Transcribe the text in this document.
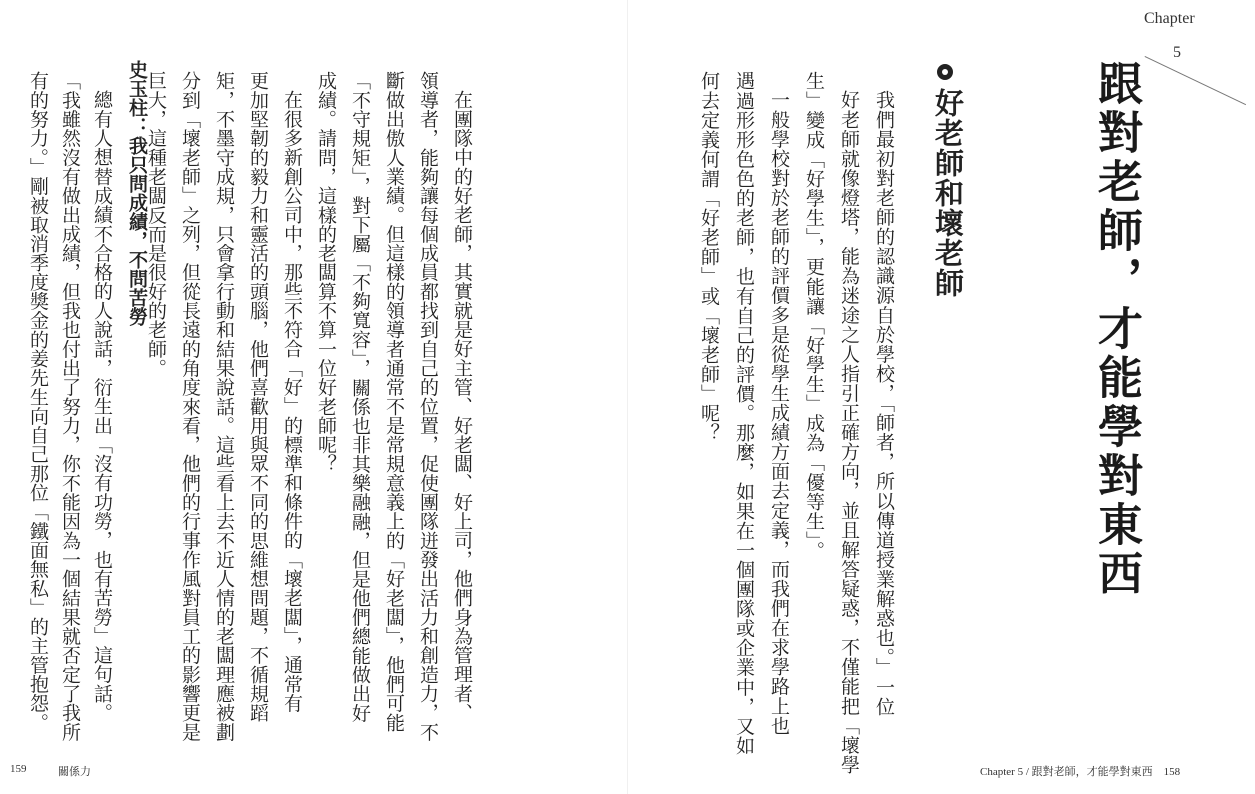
Chapter
5
跟對老師，才能學對東西
好老師和壞老師
我們最初對老師的認識源自於學校，「師者，所以傳道授業解惑也。」一位
好老師就像燈塔，能為迷途之人指引正確方向，並且解答疑惑，不僅能把「壞學
生」變成「好學生」，更能讓「好學生」成為「優等生」。
一般學校對於老師的評價多是從學生成績方面去定義，而我們在求學路上也
遇過形形色色的老師，也有自己的評價。那麼，如果在一個團隊或企業中，又如
何去定義何謂「好老師」或「壞老師」呢？
Chapter 5 / 跟對老師，才能學對東西　158
在團隊中的好老師，其實就是好主管、好老闆、好上司，他們身為管理者、
領導者，能夠讓每個成員都找到自己的位置，促使團隊迸發出活力和創造力，不
斷做出傲人業績。但這樣的領導者通常不是常規意義上的「好老闆」，他們可能
「不守規矩」，對下屬「不夠寬容」，關係也非其樂融融，但是他們總能做出好
成績。請問，這樣的老闆算不算一位好老師呢？
在很多新創公司中，那些不符合「好」的標準和條件的「壞老闆」，通常有
更加堅韌的毅力和靈活的頭腦，他們喜歡用與眾不同的思維想問題，不循規蹈
矩，不墨守成規，只會拿行動和結果說話。這些看上去不近人情的老闆理應被劃
分到「壞老師」之列，但從長遠的角度來看，他們的行事作風對員工的影響更是
巨大，這種老闆反而是很好的老師。
史玉柱：我只問成績，不問苦勞
總有人想替成績不合格的人說話，衍生出「沒有功勞，也有苦勞」這句話。
「我雖然沒有做出成績，但我也付出了努力，你不能因為一個結果就否定了我所
有的努力。」剛被取消季度獎金的姜先生向自己那位「鐵面無私」的主管抱怨。
159	關係力
